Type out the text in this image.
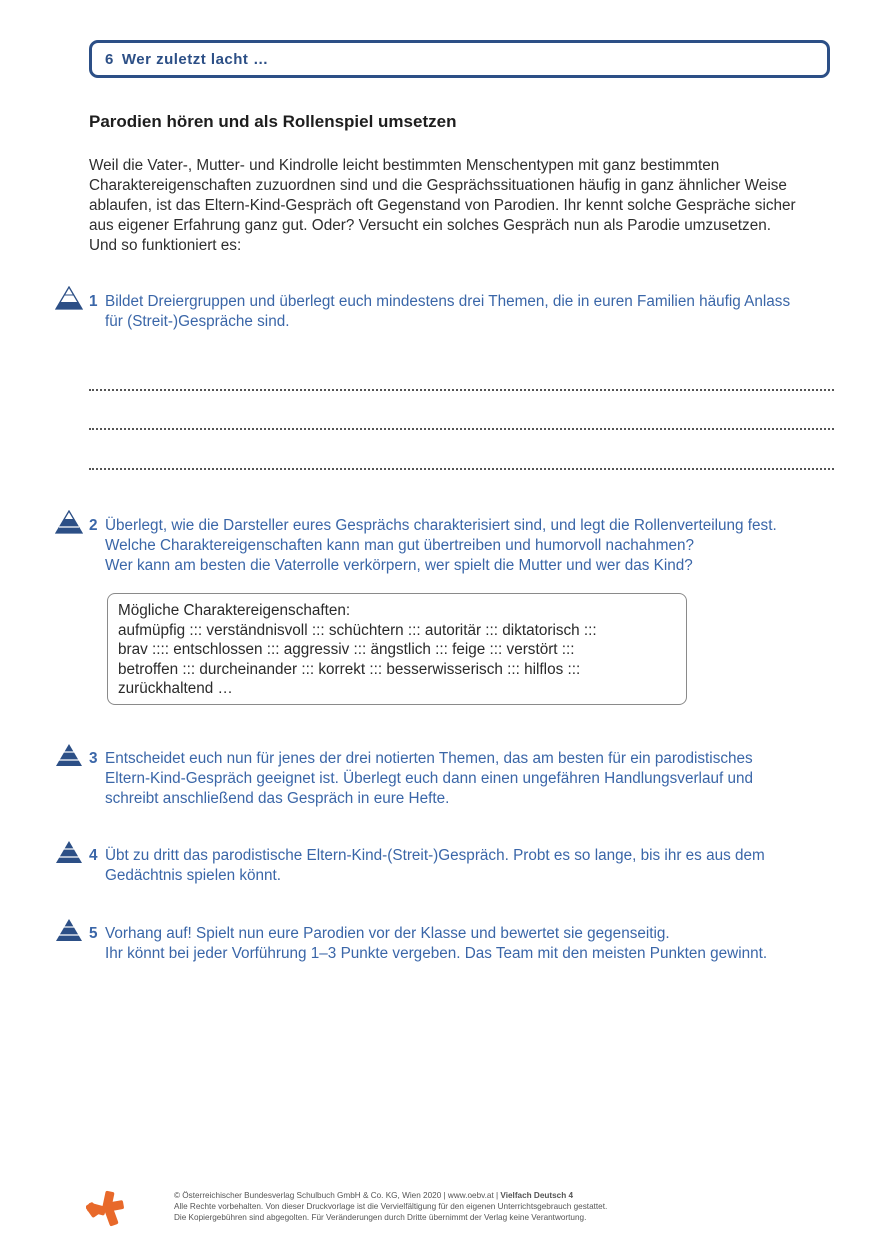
6 Wer zuletzt lacht …
Parodien hören und als Rollenspiel umsetzen
Weil die Vater-, Mutter- und Kindrolle leicht bestimmten Menschentypen mit ganz bestimmten
Charaktereigenschaften zuzuordnen sind und die Gesprächssituationen häufig in ganz ähnlicher Weise
ablaufen, ist das Eltern-Kind-Gespräch oft Gegenstand von Parodien. Ihr kennt solche Gespräche sicher
aus eigener Erfahrung ganz gut. Oder? Versucht ein solches Gespräch nun als Parodie umzusetzen.
Und so funktioniert es:
1 Bildet Dreiergruppen und überlegt euch mindestens drei Themen, die in euren Familien häufig Anlass
für (Streit-)Gespräche sind.
2 Überlegt, wie die Darsteller eures Gesprächs charakterisiert sind, und legt die Rollenverteilung fest.
Welche Charaktereigenschaften kann man gut übertreiben und humorvoll nachahmen?
Wer kann am besten die Vaterrolle verkörpern, wer spielt die Mutter und wer das Kind?
Mögliche Charaktereigenschaften:
aufmüpfig ::: verständnisvoll ::: schüchtern ::: autoritär ::: diktatorisch :::
brav :::: entschlossen ::: aggressiv ::: ängstlich ::: feige ::: verstört :::
betroffen ::: durcheinander ::: korrekt ::: besserwisserisch ::: hilflos :::
zurückhaltend …
3 Entscheidet euch nun für jenes der drei notierten Themen, das am besten für ein parodistisches
Eltern-Kind-Gespräch geeignet ist. Überlegt euch dann einen ungefähren Handlungsverlauf und
schreibt anschließend das Gespräch in eure Hefte.
4 Übt zu dritt das parodistische Eltern-Kind-(Streit-)Gespräch. Probt es so lange, bis ihr es aus dem
Gedächtnis spielen könnt.
5 Vorhang auf! Spielt nun eure Parodien vor der Klasse und bewertet sie gegenseitig.
Ihr könnt bei jeder Vorführung 1–3 Punkte vergeben. Das Team mit den meisten Punkten gewinnt.
© Österreichischer Bundesverlag Schulbuch GmbH & Co. KG, Wien 2020 | www.oebv.at | Vielfach Deutsch 4
Alle Rechte vorbehalten. Von dieser Druckvorlage ist die Vervielfältigung für den eigenen Unterrichtsgebrauch gestattet.
Die Kopiergebühren sind abgegolten. Für Veränderungen durch Dritte übernimmt der Verlag keine Verantwortung.
